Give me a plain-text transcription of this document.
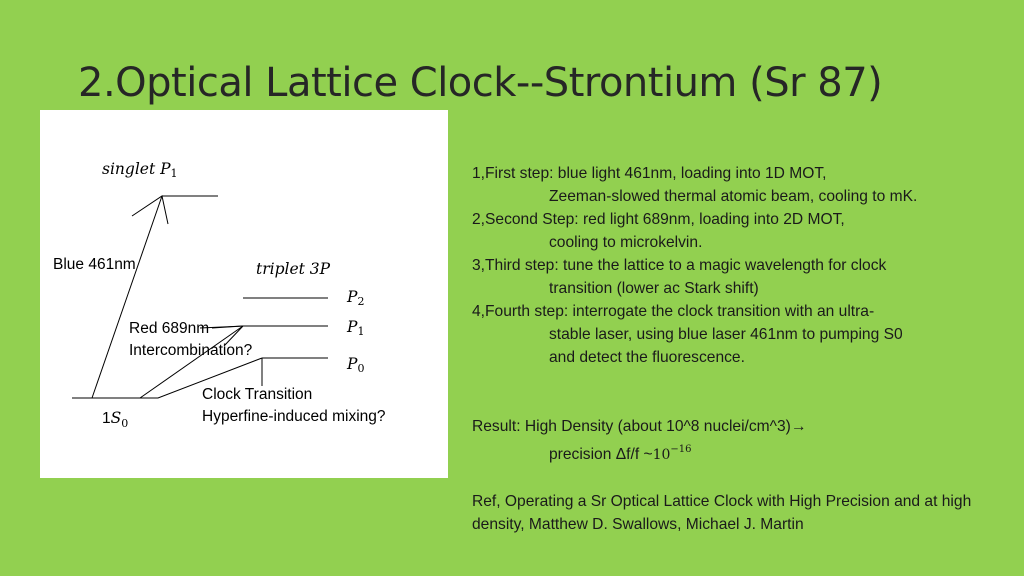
2.Optical Lattice Clock--Strontium (Sr 87)
singlet $P_1$
triplet 3P
$P_2$
$P_1$
$P_0$
$1S_0$
Blue 461nm
Red 689nm
Intercombination?
Clock Transition
Hyperfine-induced mixing?
1,First step: blue light 461nm, loading into 1D MOT,
Zeeman-slowed thermal atomic beam, cooling to mK.
2,Second Step: red light 689nm, loading into 2D MOT,
cooling to microkelvin.
3,Third step: tune the lattice to a magic wavelength for clock
transition (lower ac Stark shift)
4,Fourth step: interrogate the clock transition with an ultra-
stable laser, using blue laser 461nm to pumping S0
and detect the fluorescence.
Result: High Density (about 10^8 nuclei/cm^3)→
precision Δf/f $\sim 10^{-16}$
Ref, Operating a Sr Optical Lattice Clock with High Precision and at high density, Matthew D. Swallows, Michael J. Martin
